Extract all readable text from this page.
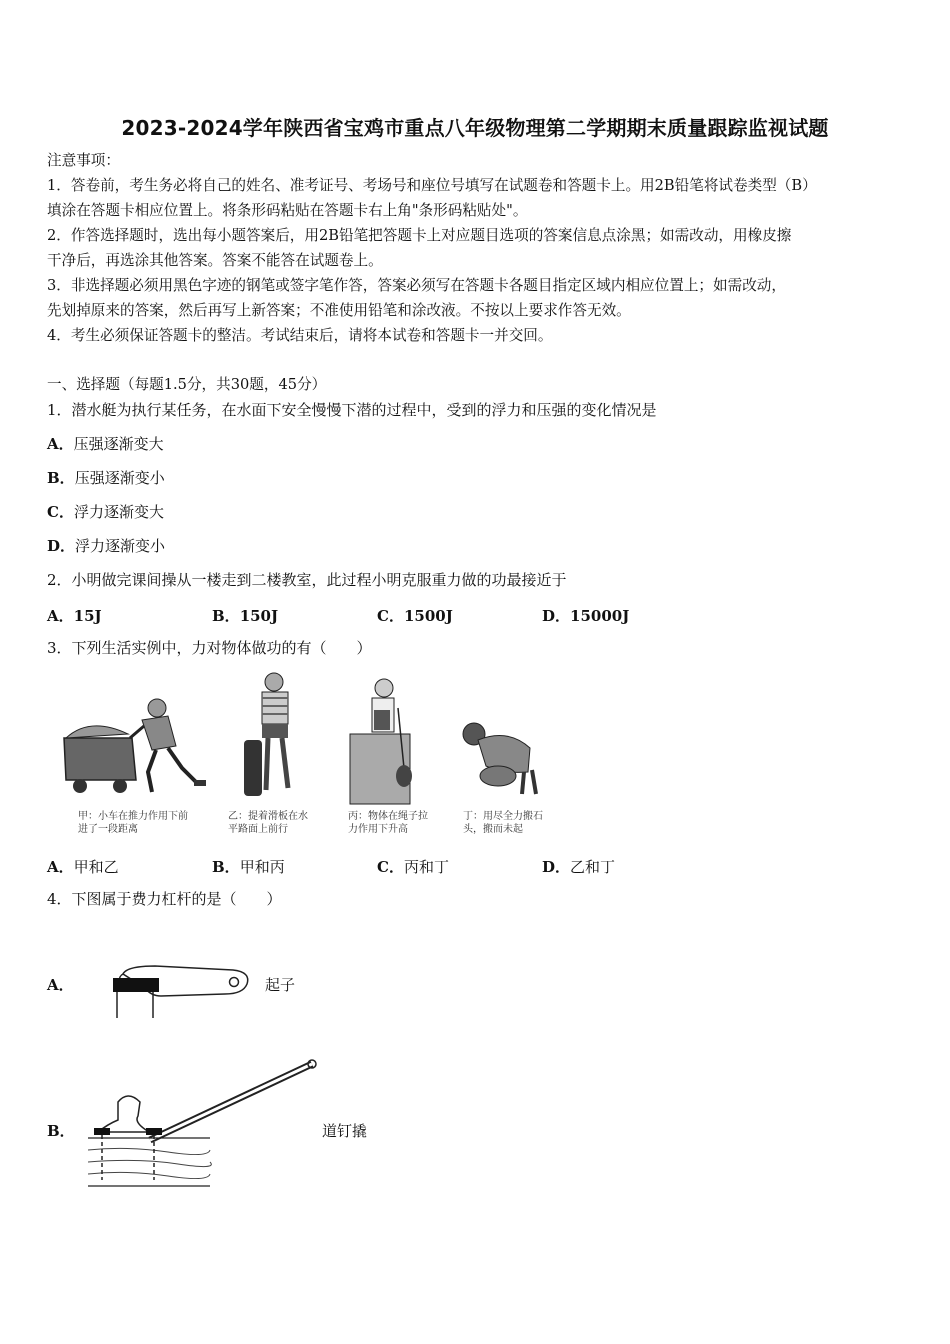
2023-2024学年陕西省宝鸡市重点八年级物理第二学期期末质量跟踪监视试题
注意事项：
1．答卷前，考生务必将自己的姓名、准考证号、考场号和座位号填写在试题卷和答题卡上。用2B铅笔将试卷类型（B）
填涂在答题卡相应位置上。将条形码粘贴在答题卡右上角"条形码粘贴处"。
2．作答选择题时，选出每小题答案后，用2B铅笔把答题卡上对应题目选项的答案信息点涂黑；如需改动，用橡皮擦
干净后，再选涂其他答案。答案不能答在试题卷上。
3．非选择题必须用黑色字迹的钢笔或签字笔作答，答案必须写在答题卡各题目指定区域内相应位置上；如需改动，
先划掉原来的答案，然后再写上新答案；不准使用铅笔和涂改液。不按以上要求作答无效。
4．考生必须保证答题卡的整洁。考试结束后，请将本试卷和答题卡一并交回。
一、选择题（每题1.5分，共30题，45分）
1．潜水艇为执行某任务，在水面下安全慢慢下潜的过程中，受到的浮力和压强的变化情况是
A．压强逐渐变大
B．压强逐渐变小
C．浮力逐渐变大
D．浮力逐渐变小
2．小明做完课间操从一楼走到二楼教室，此过程小明克服重力做的功最接近于
A．15J	B．150J	C．1500J	D．15000J
3．下列生活实例中，力对物体做功的有（　　）
甲：小车在推力作用下前进了一段距离
乙：提着滑板在水平路面上前行
丙：物体在绳子拉力作用下升高
丁：用尽全力搬石头，搬而未起
A．甲和乙	B．甲和丙	C．丙和丁	D．乙和丁
4．下图属于费力杠杆的是（　　）
A．	起子
B．	道钉撬
